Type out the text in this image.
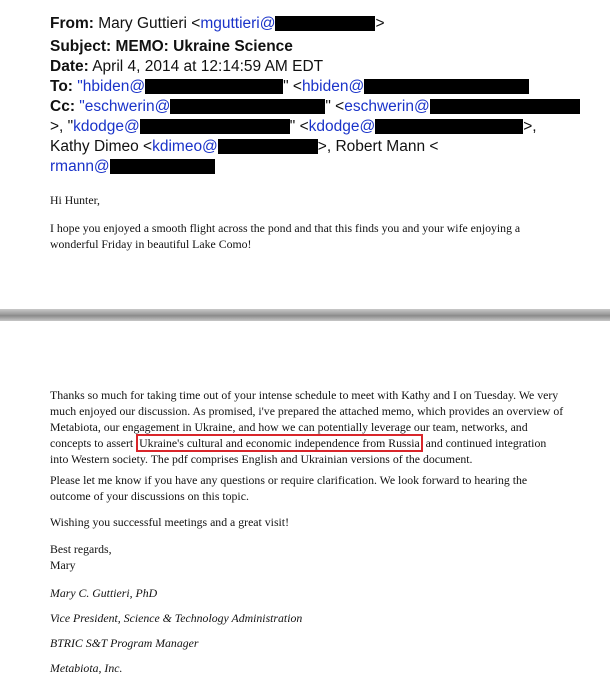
From: Mary Guttieri <mguttieri@	>
Subject: MEMO: Ukraine Science
Date: April 4, 2014 at 12:14:59 AM EDT
To: "hbiden@	" <hbiden@
Cc: "eschwerin@	" <eschwerin@
>, "kdodge@	" <kdodge@	>,
Kathy Dimeo <kdimeo@	>, Robert Mann <
rmann@
Hi Hunter,
I hope you enjoyed a smooth flight across the pond and that this finds you and your wife enjoying a wonderful Friday in beautiful Lake Como!
Thanks so much for taking time out of your intense schedule to meet with Kathy and I on Tuesday. We very much enjoyed our discussion. As promised, i've prepared the attached memo, which provides an overview of Metabiota, our engagement in Ukraine, and how we can potentially leverage our team, networks, and concepts to assert Ukraine's cultural and economic independence from Russia and continued integration into Western society. The pdf comprises English and Ukrainian versions of the document.
Please let me know if you have any questions or require clarification. We look forward to hearing the outcome of your discussions on this topic.
Wishing you successful meetings and a great visit!
Best regards,
Mary
Mary C. Guttieri, PhD
Vice President, Science & Technology Administration
BTRIC S&T Program Manager
Metabiota, Inc.
